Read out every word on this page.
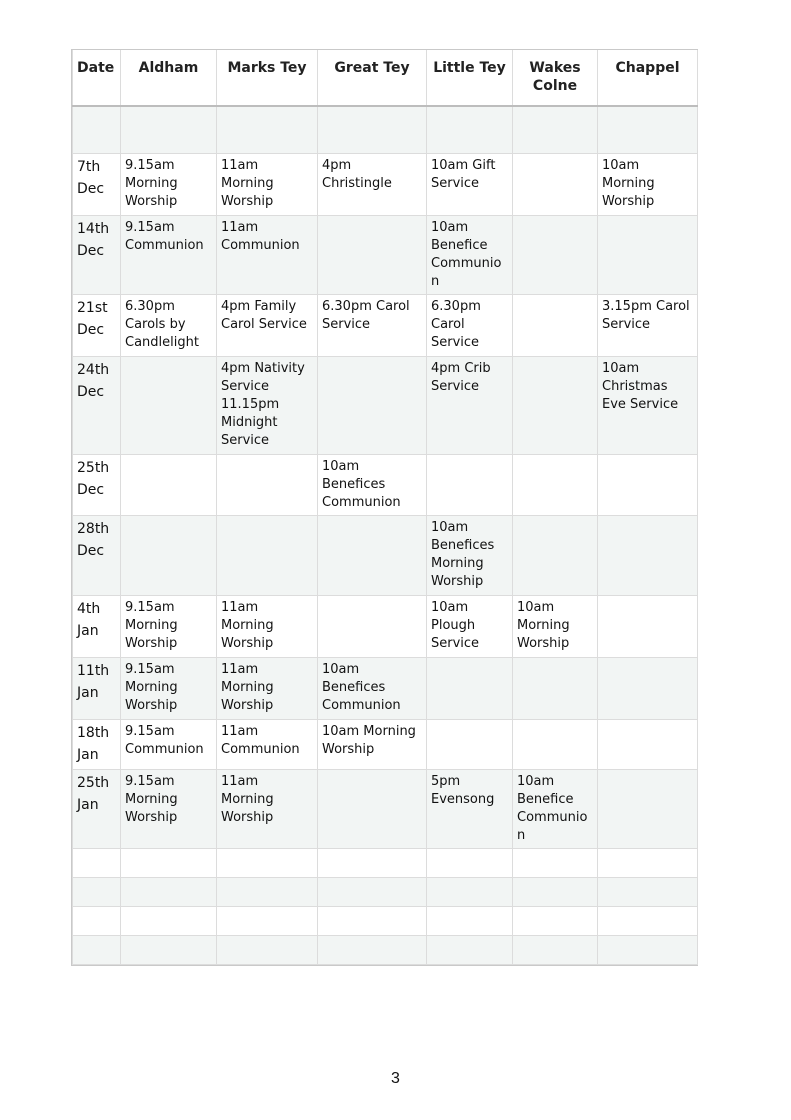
Date	Aldham	Marks Tey	Great Tey	Little Tey	Wakes Colne	Chappel

7th Dec	9.15am Morning Worship	11am Morning Worship	4pm Christingle	10am Gift Service		10am Morning Worship
14th Dec	9.15am Communion	11am Communion		10am Benefice Communion		
21st Dec	6.30pm Carols by Candlelight	4pm Family Carol Service	6.30pm Carol Service	6.30pm Carol Service		3.15pm Carol Service
24th Dec		4pm Nativity Service 11.15pm Midnight Service		4pm Crib Service		10am Christmas Eve Service
25th Dec			10am Benefices Communion			
28th Dec				10am Benefices Morning Worship		
4th Jan	9.15am Morning Worship	11am Morning Worship		10am Plough Service	10am Morning Worship	
11th Jan	9.15am Morning Worship	11am Morning Worship	10am Benefices Communion			
18th Jan	9.15am Communion	11am Communion	10am Morning Worship			
25th Jan	9.15am Morning Worship	11am Morning Worship		5pm Evensong	10am Benefice Communion	

3
